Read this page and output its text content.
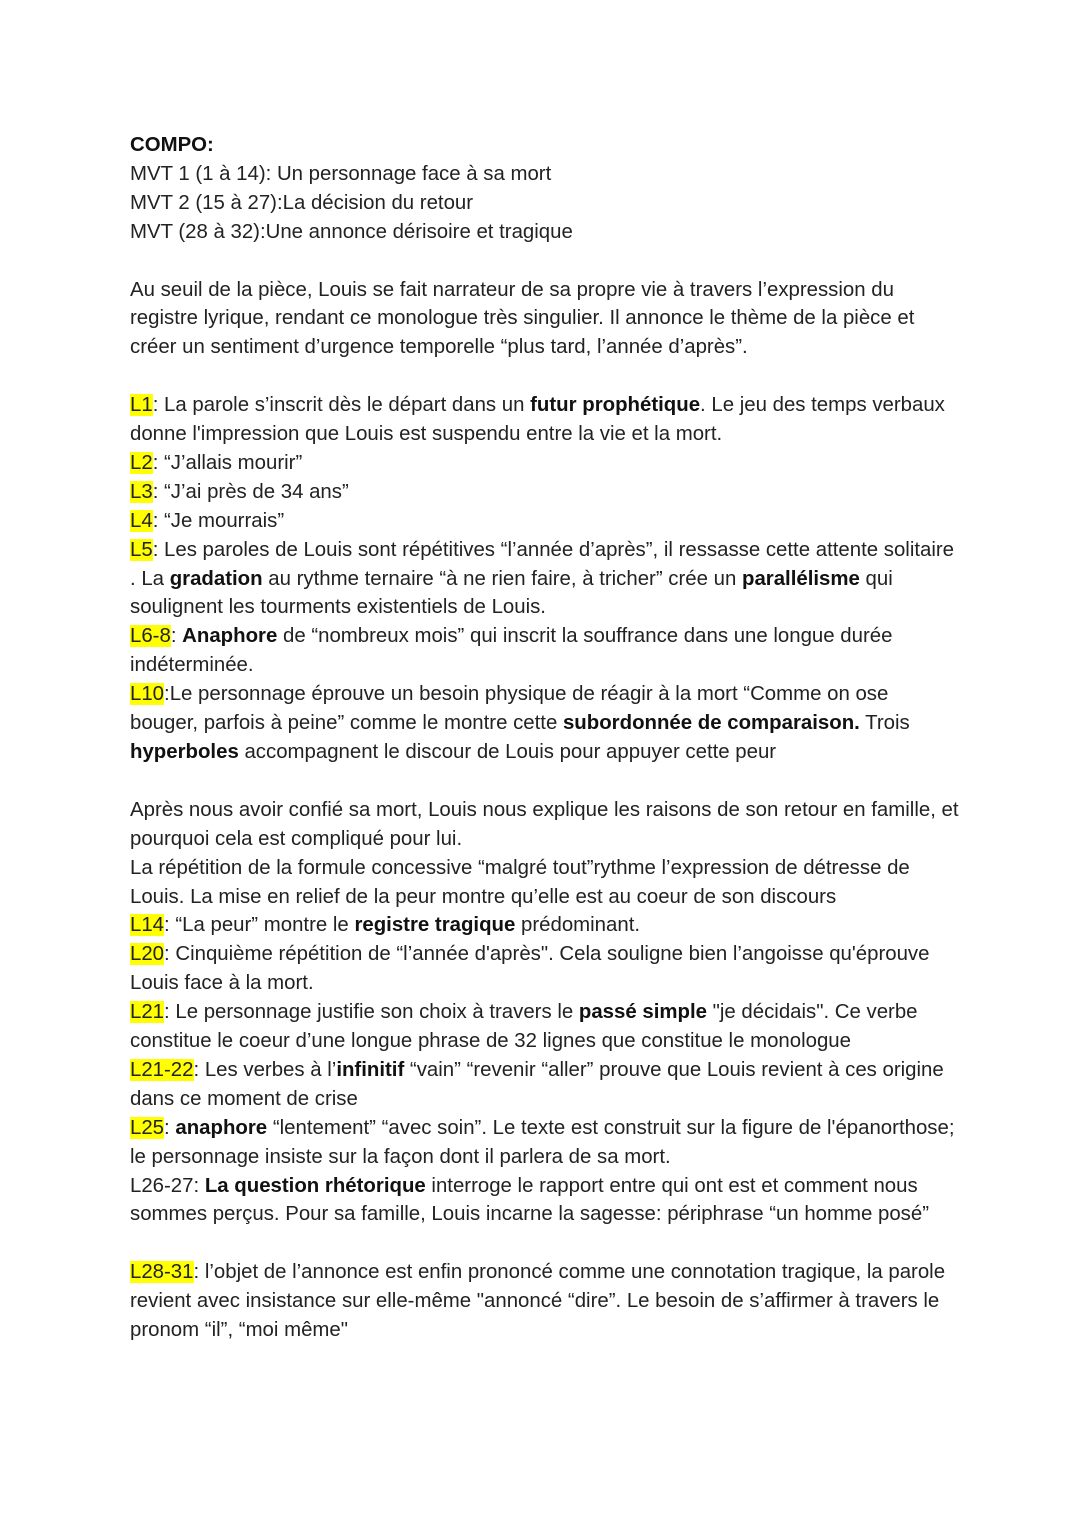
COMPO:

MVT 1 (1 à 14): Un personnage face à sa mort

MVT 2 (15 à 27):La décision du retour

MVT (28 à 32):Une annonce dérisoire et tragique

Au seuil de la pièce, Louis se fait narrateur de sa propre vie à travers l’expression du registre lyrique, rendant ce monologue très singulier. Il annonce le thème de la pièce et créer un sentiment d’urgence temporelle “plus tard, l’année d’après”.

L1: La parole s’inscrit dès le départ dans un futur prophétique. Le jeu des temps verbaux donne l'impression que Louis est suspendu entre la vie et la mort.

L2: “J’allais mourir”

L3: “J’ai près de 34 ans”

L4: “Je mourrais”

L5: Les paroles de Louis sont répétitives “l’année d’après”, il ressasse cette attente solitaire . La gradation au rythme ternaire “à ne rien faire, à tricher” crée un parallélisme qui soulignent les tourments existentiels de Louis.

L6-8: Anaphore de “nombreux mois” qui inscrit la souffrance dans une longue durée indéterminée.

L10:Le personnage éprouve un besoin physique de réagir à la mort “Comme on ose bouger, parfois à peine” comme le montre cette subordonnée de comparaison. Trois hyperboles accompagnent le discour de Louis pour appuyer cette peur

Après nous avoir confié sa mort, Louis nous explique les raisons de son retour en famille, et pourquoi cela est compliqué pour lui.

La répétition de la formule concessive “malgré tout”rythme l’expression de détresse de Louis. La mise en relief de la peur montre qu’elle est au coeur de son discours

L14: “La peur” montre le registre tragique prédominant.

L20: Cinquième répétition de “l’année d'après". Cela souligne bien l’angoisse qu'éprouve Louis face à la mort.

L21: Le personnage justifie son choix à travers le passé simple "je décidais". Ce verbe constitue le coeur d’une longue phrase de 32 lignes que constitue le monologue

L21-22: Les verbes à l’infinitif “vain” “revenir “aller” prouve que Louis revient à ces origine dans ce moment de crise

L25: anaphore “lentement” “avec soin”. Le texte est construit sur la figure de l'épanorthose; le personnage insiste sur la façon dont il parlera de sa mort.

L26-27: La question rhétorique interroge le rapport entre qui ont est et comment nous sommes perçus. Pour sa famille, Louis incarne la sagesse: périphrase “un homme posé”

L28-31: l’objet de l’annonce est enfin prononcé comme une connotation tragique, la parole revient avec insistance sur elle-même "annoncé “dire”. Le besoin de s’affirmer à travers le pronom “il”, “moi même"
